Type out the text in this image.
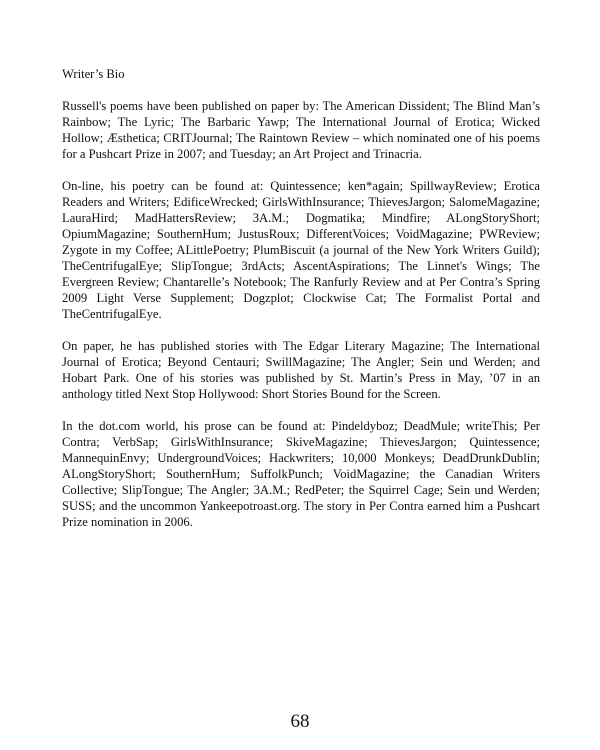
Writer’s Bio

Russell's poems have been published on paper by: The American Dissident; The Blind Man’s Rainbow; The Lyric; The Barbaric Yawp; The International Journal of Erotica; Wicked Hollow; Æsthetica; CRITJournal; The Raintown Review – which nominated one of his poems for a Pushcart Prize in 2007; and Tuesday; an Art Project and Trinacria.

On-line, his poetry can be found at: Quintessence; ken*again; SpillwayReview; Erotica Readers and Writers; EdificeWrecked; GirlsWithInsurance; ThievesJargon; SalomeMagazine; LauraHird; MadHattersReview; 3A.M.; Dogmatika; Mindfire; ALongStoryShort; OpiumMagazine; SouthernHum; JustusRoux; DifferentVoices; VoidMagazine; PWReview; Zygote in my Coffee; ALittlePoetry; PlumBiscuit (a journal of the New York Writers Guild); TheCentrifugalEye; SlipTongue; 3rdActs; AscentAspirations; The Linnet's Wings; The Evergreen Review; Chantarelle’s Notebook; The Ranfurly Review and at Per Contra’s Spring 2009 Light Verse Supplement; Dogzplot; Clockwise Cat; The Formalist Portal and TheCentrifugalEye.

On paper, he has published stories with The Edgar Literary Magazine; The International Journal of Erotica; Beyond Centauri; SwillMagazine; The Angler; Sein und Werden; and Hobart Park. One of his stories was published by St. Martin’s Press in May, ’07 in an anthology titled Next Stop Hollywood: Short Stories Bound for the Screen.

In the dot.com world, his prose can be found at: Pindeldyboz; DeadMule; writeThis; Per Contra; VerbSap; GirlsWithInsurance; SkiveMagazine; ThievesJargon; Quintessence; MannequinEnvy; UndergroundVoices; Hackwriters; 10,000 Monkeys; DeadDrunkDublin; ALongStoryShort; SouthernHum; SuffolkPunch; VoidMagazine; the Canadian Writers Collective; SlipTongue; The Angler; 3A.M.; RedPeter; the Squirrel Cage; Sein und Werden; SUSS; and the uncommon Yankeepotroast.org. The story in Per Contra earned him a Pushcart Prize nomination in 2006.

68
